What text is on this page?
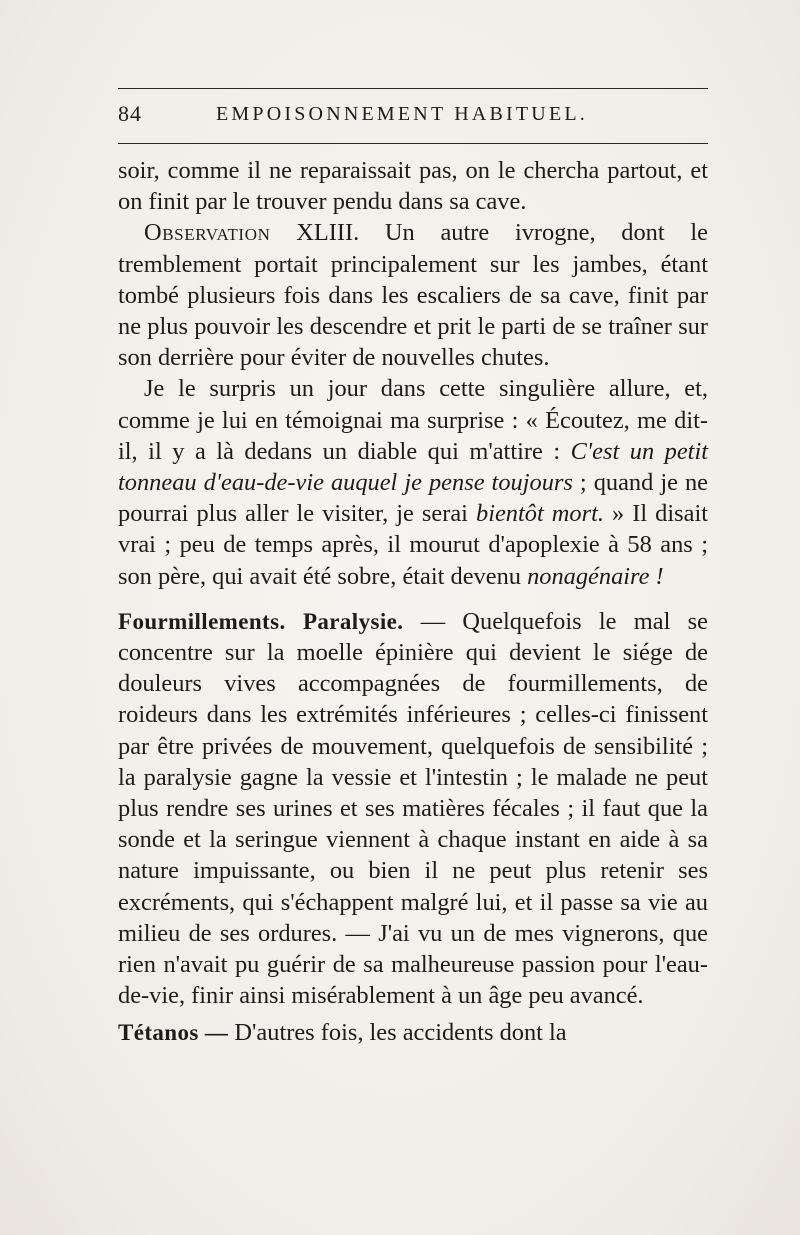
84	EMPOISONNEMENT HABITUEL.

soir, comme il ne reparaissait pas, on le chercha partout, et on finit par le trouver pendu dans sa cave.

Observation XLIII. Un autre ivrogne, dont le tremblement portait principalement sur les jambes, étant tombé plusieurs fois dans les escaliers de sa cave, finit par ne plus pouvoir les descendre et prit le parti de se traîner sur son derrière pour éviter de nouvelles chutes.

Je le surpris un jour dans cette singulière allure, et, comme je lui en témoignai ma surprise : « Écoutez, me dit-il, il y a là dedans un diable qui m'attire : C'est un petit tonneau d'eau-de-vie auquel je pense toujours ; quand je ne pourrai plus aller le visiter, je serai bientôt mort. » Il disait vrai ; peu de temps après, il mourut d'apoplexie à 58 ans ; son père, qui avait été sobre, était devenu nonagénaire !

Fourmillements. Paralysie. — Quelquefois le mal se concentre sur la moelle épinière qui devient le siége de douleurs vives accompagnées de fourmillements, de roideurs dans les extrémités inférieures ; celles-ci finissent par être privées de mouvement, quelquefois de sensibilité ; la paralysie gagne la vessie et l'intestin ; le malade ne peut plus rendre ses urines et ses matières fécales ; il faut que la sonde et la seringue viennent à chaque instant en aide à sa nature impuissante, ou bien il ne peut plus retenir ses excréments, qui s'échappent malgré lui, et il passe sa vie au milieu de ses ordures. — J'ai vu un de mes vignerons, que rien n'avait pu guérir de sa malheureuse passion pour l'eau-de-vie, finir ainsi misérablement à un âge peu avancé.

Tétanos — D'autres fois, les accidents dont la
